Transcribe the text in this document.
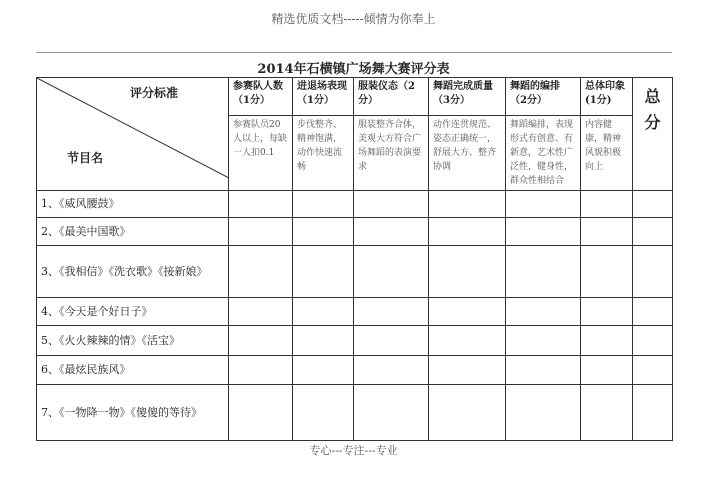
精选优质文档-----倾情为你奉上
2014年石横镇广场舞大赛评分表
评分标准
节目名	参赛队人数（1分）	进退场表现（1分）	服装仪态（2分）	舞蹈完成质量（3分）	舞蹈的编排（2分）	总体印象(1分)	总分
	参赛队员20人以上，每缺一人扣0.1	步伐整齐、精神饱满，动作快速流畅	服装整齐合体，美观大方符合广场舞蹈的表演要求	动作连贯规范、姿态正确统一，舒展大方、整齐协调	舞蹈编排，表现形式有创意、有新意，艺术性广泛性，健身性，群众性相结合	内容健康，精神风貌积极向上	
1、《威风腰鼓》							
2、《最美中国歌》							
3、《我相信》《洗衣歌》《接新娘》							
4、《今天是个好日子》							
5、《火火辣辣的情》《活宝》							
6、《最炫民族风》							
7、《一物降一物》《傻傻的等待》							
专心---专注---专业
